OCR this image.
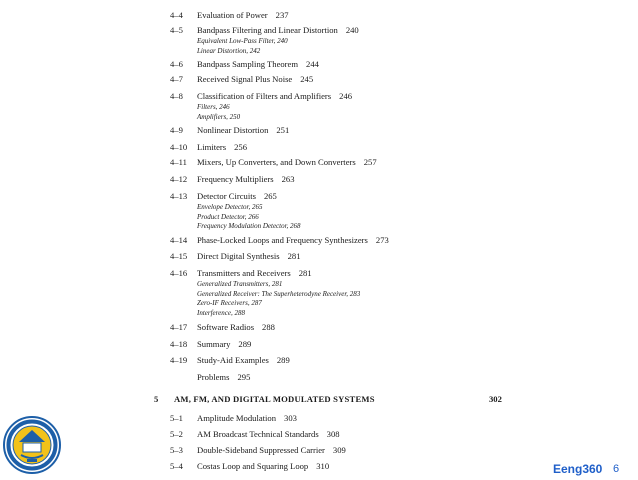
4–4 Evaluation of Power 237
4–5 Bandpass Filtering and Linear Distortion 240
Equivalent Low-Pass Filter, 240
Linear Distortion, 242
4–6 Bandpass Sampling Theorem 244
4–7 Received Signal Plus Noise 245
4–8 Classification of Filters and Amplifiers 246
Filters, 246
Amplifiers, 250
4–9 Nonlinear Distortion 251
4–10 Limiters 256
4–11 Mixers, Up Converters, and Down Converters 257
4–12 Frequency Multipliers 263
4–13 Detector Circuits 265
Envelope Detector, 265
Product Detector, 266
Frequency Modulation Detector, 268
4–14 Phase-Locked Loops and Frequency Synthesizers 273
4–15 Direct Digital Synthesis 281
4–16 Transmitters and Receivers 281
Generalized Transmitters, 281
Generalized Receiver: The Superheterodyne Receiver, 283
Zero-IF Receivers, 287
Interference, 288
4–17 Software Radios 288
4–18 Summary 289
4–19 Study-Aid Examples 289
Problems 295
5 AM, FM, AND DIGITAL MODULATED SYSTEMS	302
5–1 Amplitude Modulation 303
5–2 AM Broadcast Technical Standards 308
5–3 Double-Sideband Suppressed Carrier 309
5–4 Costas Loop and Squaring Loop 310	Eeng360 6
